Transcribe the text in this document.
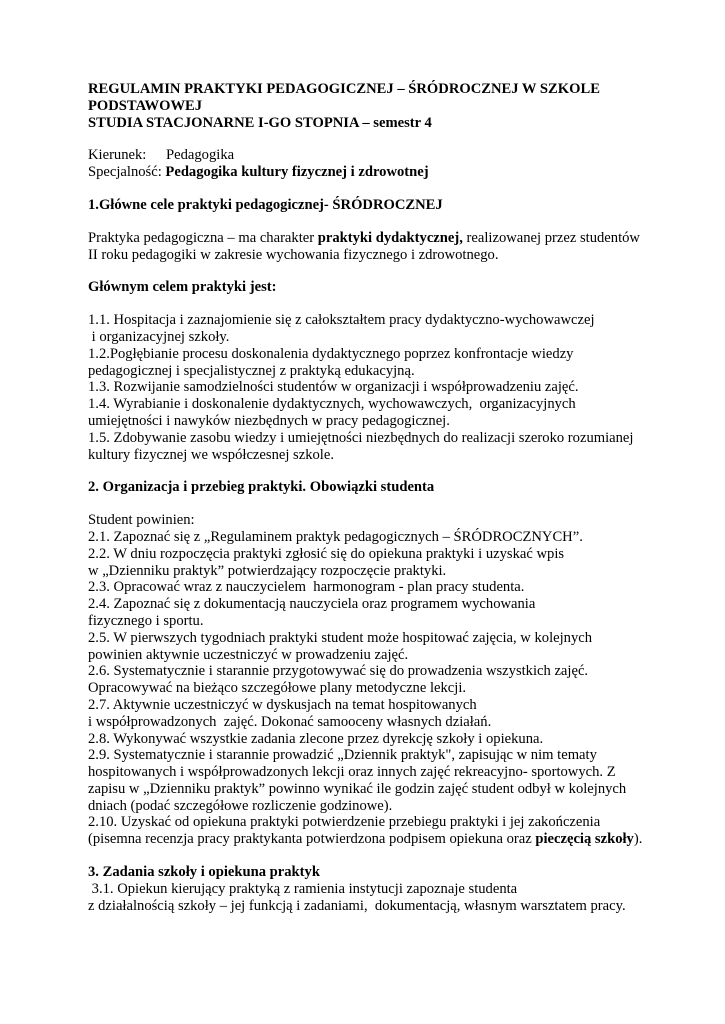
REGULAMIN PRAKTYKI PEDAGOGICZNEJ – ŚRÓDROCZNEJ W SZKOLE
PODSTAWOWEJ
STUDIA STACJONARNE I-GO STOPNIA – semestr 4
Kierunek: Pedagogika
Specjalność: Pedagogika kultury fizycznej i zdrowotnej
1.Główne cele praktyki pedagogicznej- ŚRÓDROCZNEJ
Praktyka pedagogiczna – ma charakter praktyki dydaktycznej, realizowanej przez studentów
II roku pedagogiki w zakresie wychowania fizycznego i zdrowotnego.
Głównym celem praktyki jest:
1.1. Hospitacja i zaznajomienie się z całokształtem pracy dydaktyczno-wychowawczej
i organizacyjnej szkoły.
1.2.Pogłębianie procesu doskonalenia dydaktycznego poprzez konfrontacje wiedzy
pedagogicznej i specjalistycznej z praktyką edukacyjną.
1.3. Rozwijanie samodzielności studentów w organizacji i współprowadzeniu zajęć.
1.4. Wyrabianie i doskonalenie dydaktycznych, wychowawczych,  organizacyjnych
umiejętności i nawyków niezbędnych w pracy pedagogicznej.
1.5. Zdobywanie zasobu wiedzy i umiejętności niezbędnych do realizacji szeroko rozumianej
kultury fizycznej we współczesnej szkole.
2. Organizacja i przebieg praktyki. Obowiązki studenta
Student powinien:
2.1. Zapoznać się z „Regulaminem praktyk pedagogicznych – ŚRÓDROCZNYCH”.
2.2. W dniu rozpoczęcia praktyki zgłosić się do opiekuna praktyki i uzyskać wpis
w „Dzienniku praktyk” potwierdzający rozpoczęcie praktyki.
2.3. Opracować wraz z nauczycielem  harmonogram - plan pracy studenta.
2.4. Zapoznać się z dokumentacją nauczyciela oraz programem wychowania
fizycznego i sportu.
2.5. W pierwszych tygodniach praktyki student może hospitować zajęcia, w kolejnych
powinien aktywnie uczestniczyć w prowadzeniu zajęć.
2.6. Systematycznie i starannie przygotowywać się do prowadzenia wszystkich zajęć.
Opracowywać na bieżąco szczegółowe plany metodyczne lekcji.
2.7. Aktywnie uczestniczyć w dyskusjach na temat hospitowanych
i współprowadzonych  zajęć. Dokonać samooceny własnych działań.
2.8. Wykonywać wszystkie zadania zlecone przez dyrekcję szkoły i opiekuna.
2.9. Systematycznie i starannie prowadzić „Dziennik praktyk", zapisując w nim tematy
hospitowanych i współprowadzonych lekcji oraz innych zajęć rekreacyjno- sportowych. Z
zapisu w „Dzienniku praktyk” powinno wynikać ile godzin zajęć student odbył w kolejnych
dniach (podać szczegółowe rozliczenie godzinowe).
2.10. Uzyskać od opiekuna praktyki potwierdzenie przebiegu praktyki i jej zakończenia
(pisemna recenzja pracy praktykanta potwierdzona podpisem opiekuna oraz pieczęcią szkoły).
3. Zadania szkoły i opiekuna praktyk
3.1. Opiekun kierujący praktyką z ramienia instytucji zapoznaje studenta
z działalnością szkoły – jej funkcją i zadaniami,  dokumentacją, własnym warsztatem pracy.
